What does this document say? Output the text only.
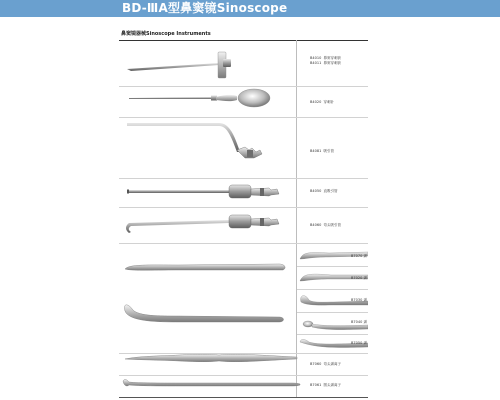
BD-ⅢA型鼻窦镜Sinoscope
鼻窦镜器械Sinoscope Instruments
B4010 鼻窦穿刺套
B4011 鼻窦穿刺套
B4020 穿刺针
B4081 吸引管
B4050 直吸引管
B4060 弯头吸引管
B7070 剥
B7020 剥
B7030 剥
B7040 剥
B7050 剥
B7060 弯头剥离子
B7061 圆头剥离子
